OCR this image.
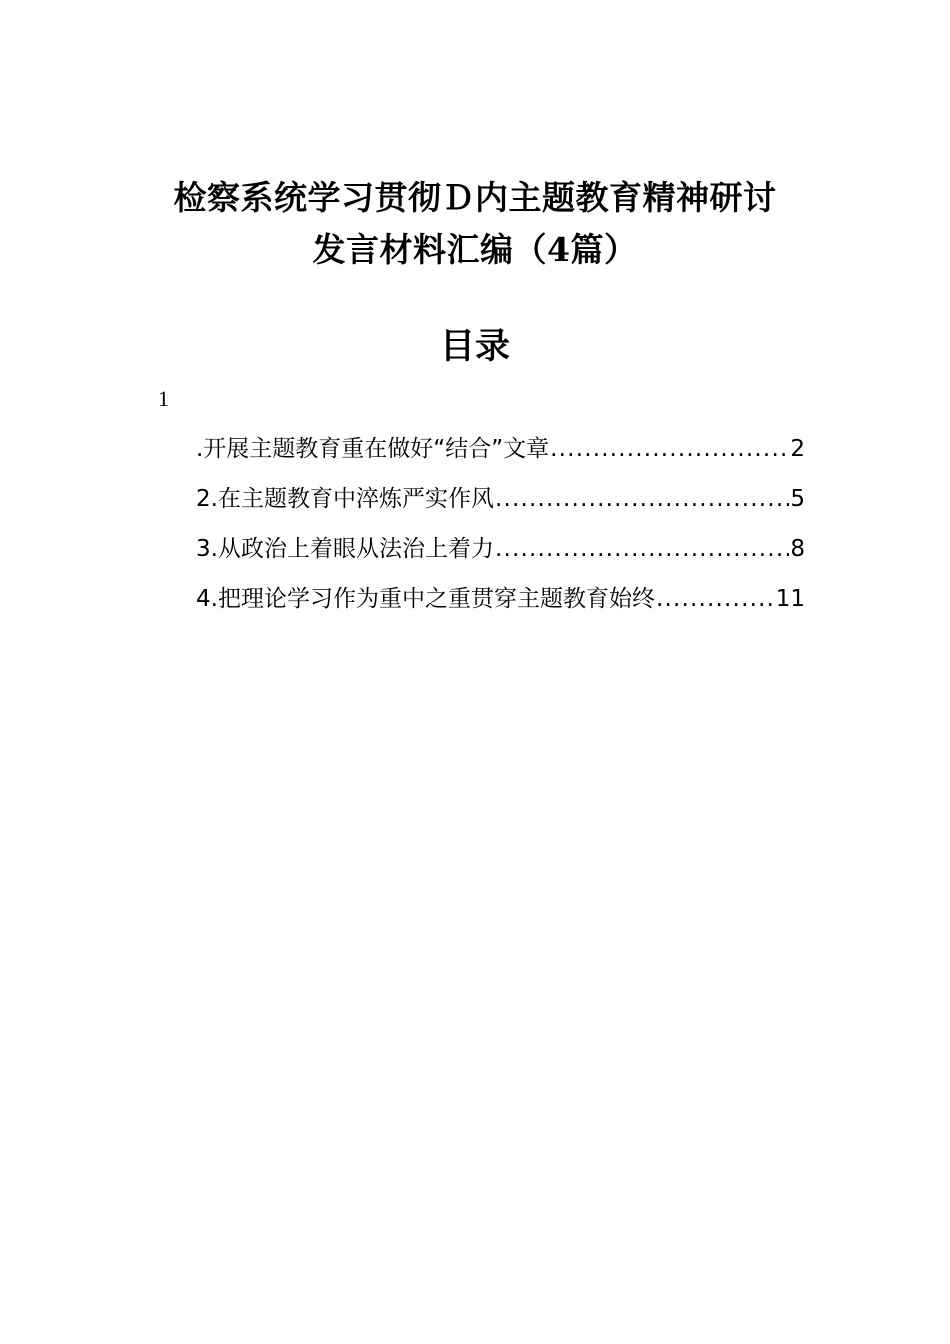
检察系统学习贯彻Ｄ内主题教育精神研讨
发言材料汇编（4篇）
目录
1
.开展主题教育重在做好“结合”文章 .....	2
2.在主题教育中淬炼严实作风 .....	5
3.从政治上着眼从法治上着力 .....	8
4.把理论学习作为重中之重贯穿主题教育始终 .....	11
